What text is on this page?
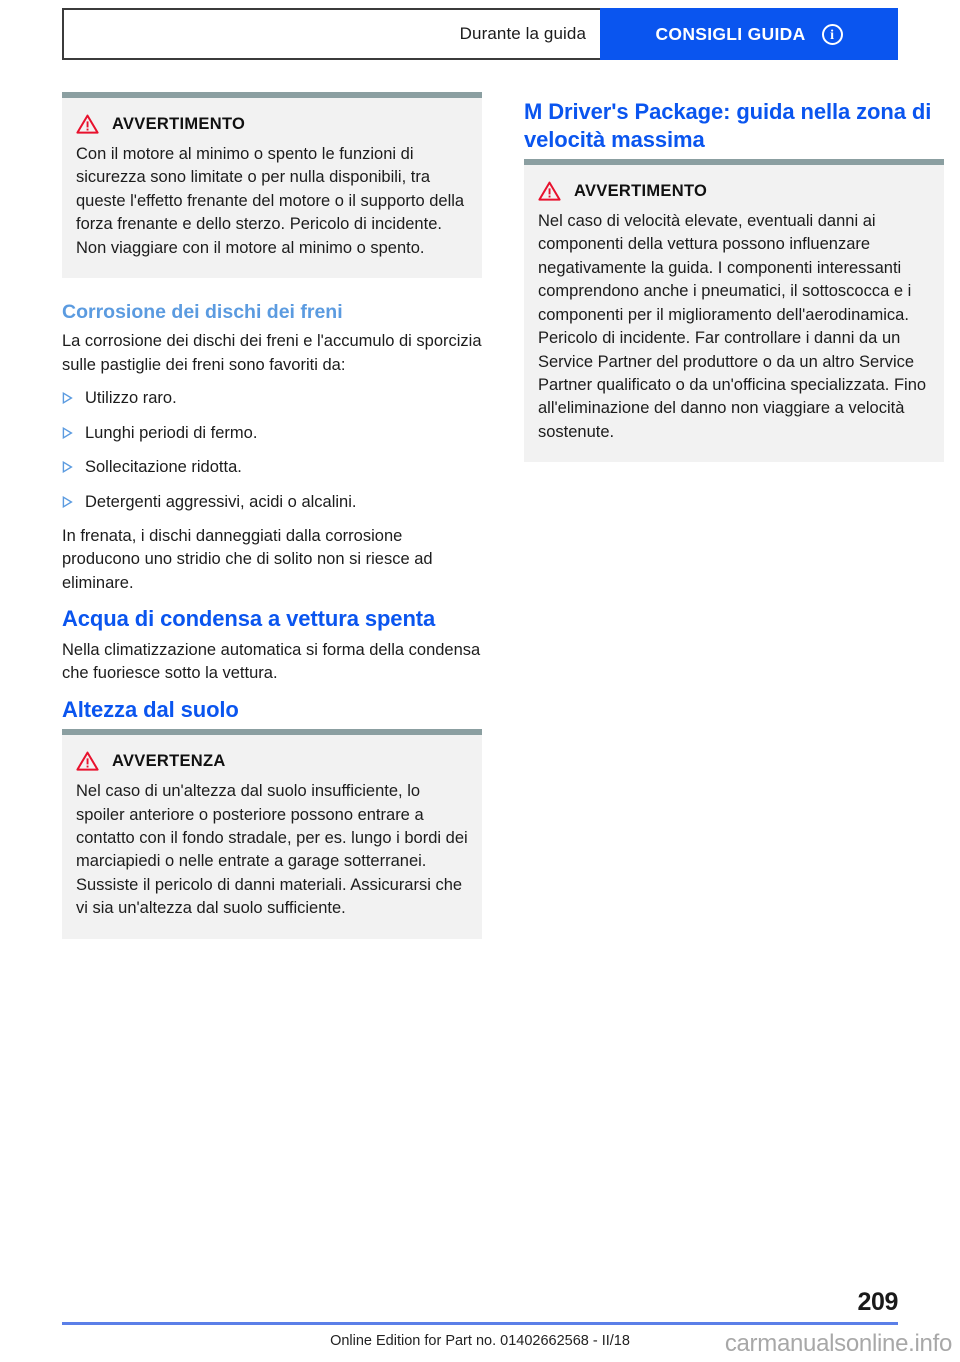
Durante la guida	CONSIGLI GUIDA	i
AVVERTIMENTO
Con il motore al minimo o spento le funzioni di sicurezza sono limitate o per nulla disponibili, tra queste l'effetto frenante del motore o il supporto della forza frenante e dello sterzo. Pericolo di incidente. Non viaggiare con il motore al minimo o spento.
Corrosione dei dischi dei freni

La corrosione dei dischi dei freni e l'accumulo di sporcizia sulle pastiglie dei freni sono favoriti da:

Utilizzo raro.
Lunghi periodi di fermo.
Sollecitazione ridotta.
Detergenti aggressivi, acidi o alcalini.

In frenata, i dischi danneggiati dalla corrosione producono uno stridio che di solito non si riesce ad eliminare.

Acqua di condensa a vettura spenta

Nella climatizzazione automatica si forma della condensa che fuoriesce sotto la vettura.

Altezza dal suolo
AVVERTENZA
Nel caso di un'altezza dal suolo insufficiente, lo spoiler anteriore o posteriore possono entrare a contatto con il fondo stradale, per es. lungo i bordi dei marciapiedi o nelle entrate a garage sotterranei. Sussiste il pericolo di danni materiali. Assicurarsi che vi sia un'altezza dal suolo sufficiente.
M Driver's Package: guida nella zona di velocità massima
AVVERTIMENTO
Nel caso di velocità elevate, eventuali danni ai componenti della vettura possono influenzare negativamente la guida. I componenti interessanti comprendono anche i pneumatici, il sottoscocca e i componenti per il miglioramento dell'aerodinamica. Pericolo di incidente. Far controllare i danni da un Service Partner del produttore o da un altro Service Partner qualificato o da un'officina specializzata. Fino all'eliminazione del danno non viaggiare a velocità sostenute.
209
Online Edition for Part no. 01402662568 - II/18	carmanualsonline.info
